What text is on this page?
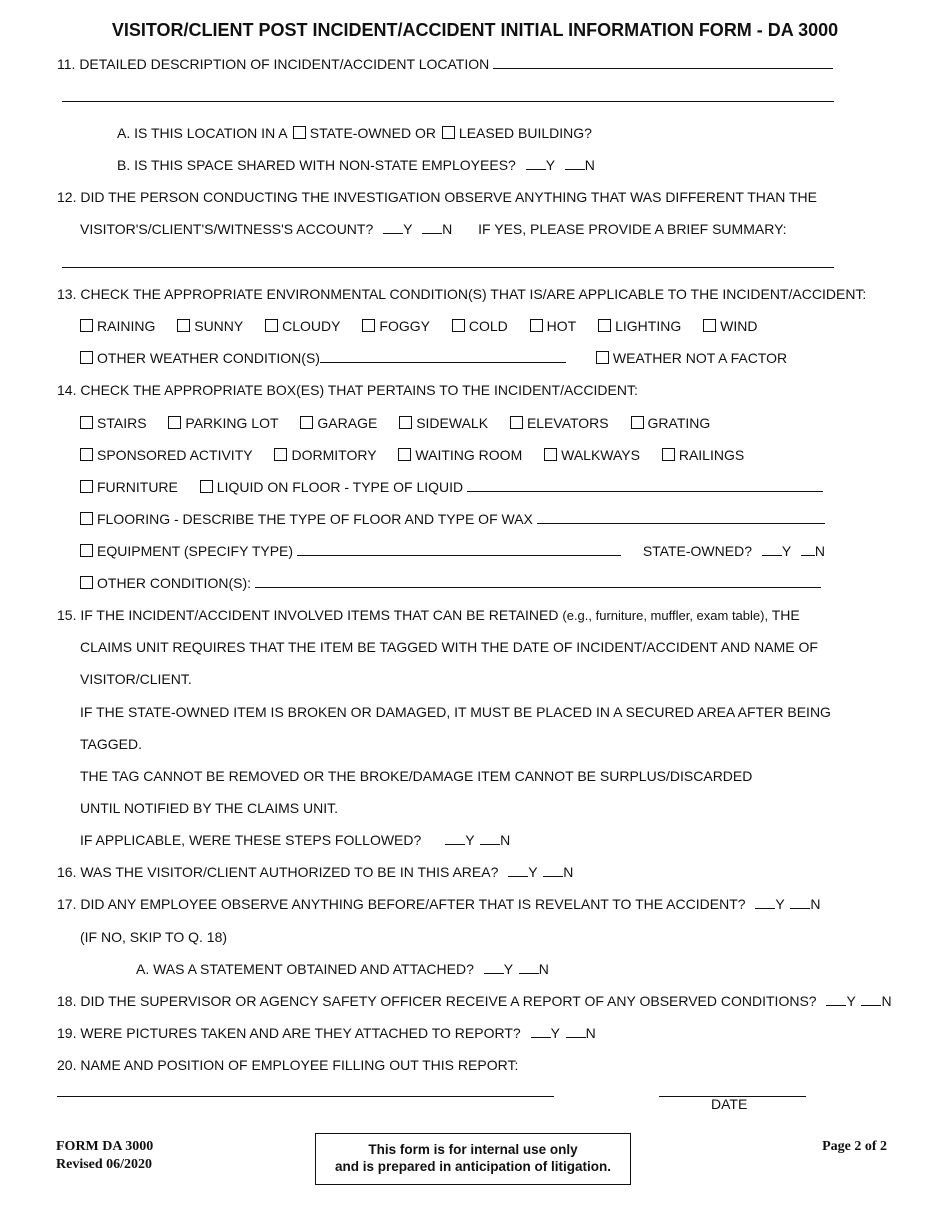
VISITOR/CLIENT POST INCIDENT/ACCIDENT INITIAL INFORMATION FORM - DA 3000
11. DETAILED DESCRIPTION OF INCIDENT/ACCIDENT LOCATION
A. IS THIS LOCATION IN A STATE-OWNED OR LEASED BUILDING?
B. IS THIS SPACE SHARED WITH NON-STATE EMPLOYEES? Y N
12. DID THE PERSON CONDUCTING THE INVESTIGATION OBSERVE ANYTHING THAT WAS DIFFERENT THAN THE
VISITOR'S/CLIENT'S/WITNESS'S ACCOUNT? Y N IF YES, PLEASE PROVIDE A BRIEF SUMMARY:
13. CHECK THE APPROPRIATE ENVIRONMENTAL CONDITION(S) THAT IS/ARE APPLICABLE TO THE INCIDENT/ACCIDENT:
RAINING	SUNNY	CLOUDY	FOGGY	COLD	HOT	LIGHTING	WIND
OTHER WEATHER CONDITION(S)	WEATHER NOT A FACTOR
14. CHECK THE APPROPRIATE BOX(ES) THAT PERTAINS TO THE INCIDENT/ACCIDENT:
STAIRS	PARKING LOT	GARAGE	SIDEWALK	ELEVATORS	GRATING
SPONSORED ACTIVITY	DORMITORY	WAITING ROOM	WALKWAYS	RAILINGS
FURNITURE	LIQUID ON FLOOR - TYPE OF LIQUID
FLOORING - DESCRIBE THE TYPE OF FLOOR AND TYPE OF WAX
EQUIPMENT (SPECIFY TYPE)	STATE-OWNED? Y N
OTHER CONDITION(S):
15. IF THE INCIDENT/ACCIDENT INVOLVED ITEMS THAT CAN BE RETAINED (e.g., furniture, muffler, exam table), THE
CLAIMS UNIT REQUIRES THAT THE ITEM BE TAGGED WITH THE DATE OF INCIDENT/ACCIDENT AND NAME OF
VISITOR/CLIENT.
IF THE STATE-OWNED ITEM IS BROKEN OR DAMAGED, IT MUST BE PLACED IN A SECURED AREA AFTER BEING
TAGGED.
THE TAG CANNOT BE REMOVED OR THE BROKE/DAMAGE ITEM CANNOT BE SURPLUS/DISCARDED
UNTIL NOTIFIED BY THE CLAIMS UNIT.
IF APPLICABLE, WERE THESE STEPS FOLLOWED?	Y N
16. WAS THE VISITOR/CLIENT AUTHORIZED TO BE IN THIS AREA? Y N
17. DID ANY EMPLOYEE OBSERVE ANYTHING BEFORE/AFTER THAT IS REVELANT TO THE ACCIDENT? Y N
(IF NO, SKIP TO Q. 18)
A. WAS A STATEMENT OBTAINED AND ATTACHED? Y N
18. DID THE SUPERVISOR OR AGENCY SAFETY OFFICER RECEIVE A REPORT OF ANY OBSERVED CONDITIONS? Y N
19. WERE PICTURES TAKEN AND ARE THEY ATTACHED TO REPORT? Y N
20. NAME AND POSITION OF EMPLOYEE FILLING OUT THIS REPORT:
DATE
FORM DA 3000
Revised 06/2020
This form is for internal use only
and is prepared in anticipation of litigation.
Page 2 of 2
